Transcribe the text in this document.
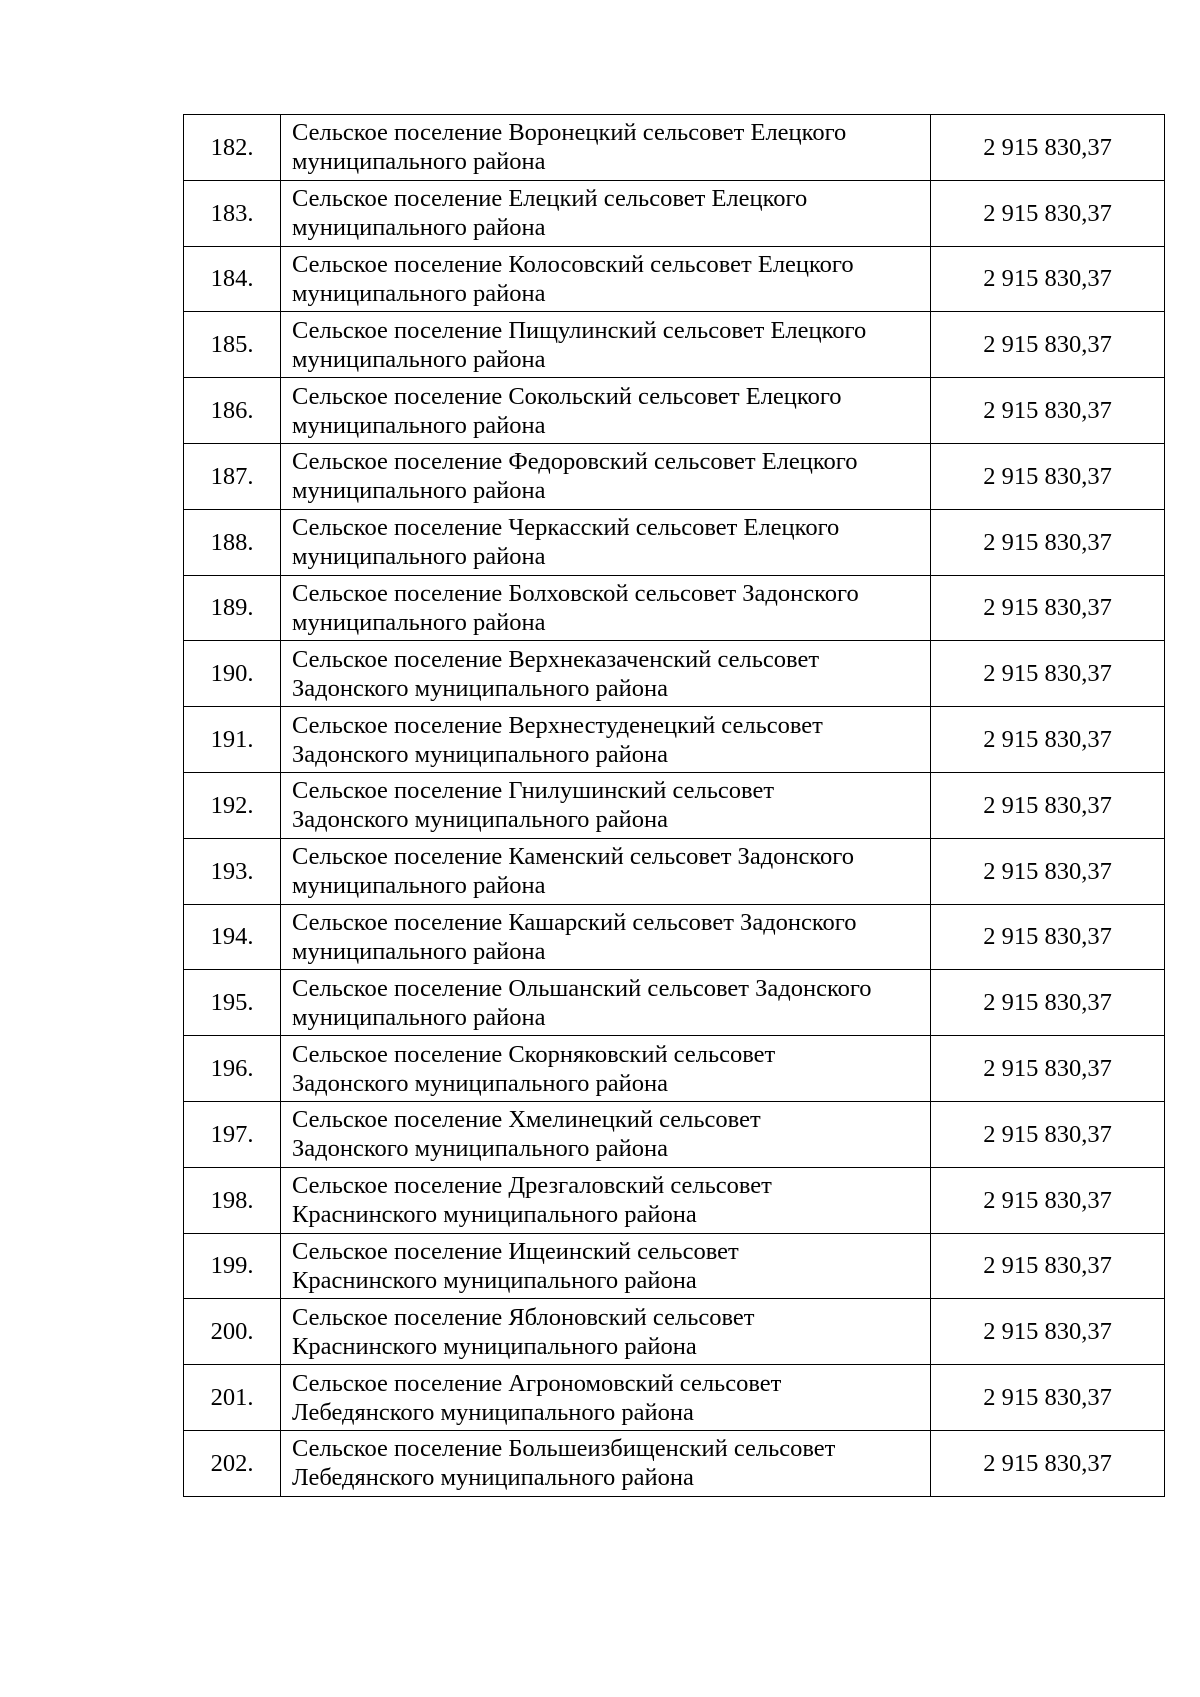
182.	Сельское поселение Воронецкий сельсовет Елецкого
муниципального района	2 915 830,37
183.	Сельское поселение Елецкий сельсовет Елецкого
муниципального района	2 915 830,37
184.	Сельское поселение Колосовский сельсовет Елецкого
муниципального района	2 915 830,37
185.	Сельское поселение Пищулинский сельсовет Елецкого
муниципального района	2 915 830,37
186.	Сельское поселение Сокольский сельсовет Елецкого
муниципального района	2 915 830,37
187.	Сельское поселение Федоровский сельсовет Елецкого
муниципального района	2 915 830,37
188.	Сельское поселение Черкасский сельсовет Елецкого
муниципального района	2 915 830,37
189.	Сельское поселение Болховской сельсовет Задонского
муниципального района	2 915 830,37
190.	Сельское поселение Верхнеказаченский сельсовет
Задонского муниципального района	2 915 830,37
191.	Сельское поселение Верхнестуденецкий сельсовет
Задонского муниципального района	2 915 830,37
192.	Сельское поселение Гнилушинский сельсовет
Задонского муниципального района	2 915 830,37
193.	Сельское поселение Каменский сельсовет Задонского
муниципального района	2 915 830,37
194.	Сельское поселение Кашарский сельсовет Задонского
муниципального района	2 915 830,37
195.	Сельское поселение Ольшанский сельсовет Задонского
муниципального района	2 915 830,37
196.	Сельское поселение Скорняковский сельсовет
Задонского муниципального района	2 915 830,37
197.	Сельское поселение Хмелинецкий сельсовет
Задонского муниципального района	2 915 830,37
198.	Сельское поселение Дрезгаловский сельсовет
Краснинского муниципального района	2 915 830,37
199.	Сельское поселение Ищеинский сельсовет
Краснинского муниципального района	2 915 830,37
200.	Сельское поселение Яблоновский сельсовет
Краснинского муниципального района	2 915 830,37
201.	Сельское поселение Агрономовский сельсовет
Лебедянского муниципального района	2 915 830,37
202.	Сельское поселение Большеизбищенский сельсовет
Лебедянского муниципального района	2 915 830,37
